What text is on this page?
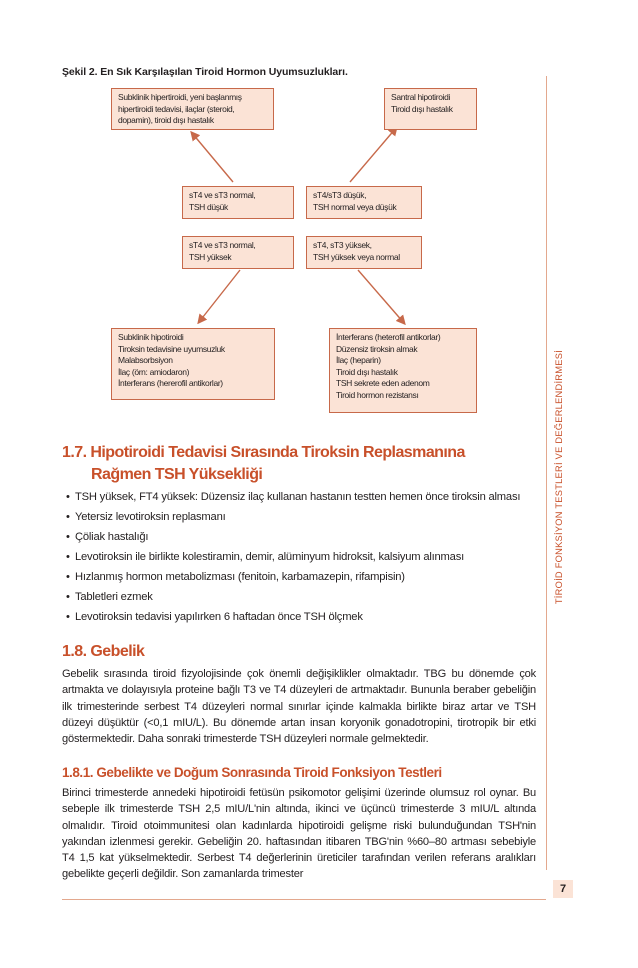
Şekil 2. En Sık Karşılaşılan Tiroid Hormon Uyumsuzlukları.
TİROİD FONKSİYON TESTLERİ VE DEĞERLENDİRMESİ
Subklinik hipertiroidi, yeni başlanmış
hipertiroidi tedavisi, ilaçlar (steroid,
dopamin), tiroid dışı hastalık
Santral hipotiroidi
Tiroid dışı hastalık
sT4 ve sT3 normal,
TSH düşük
sT4/sT3 düşük,
TSH normal veya düşük
sT4 ve sT3 normal,
TSH yüksek
sT4, sT3 yüksek,
TSH yüksek veya normal
Subklinik hipotiroidi
Tiroksin tedavisine uyumsuzluk
Malabsorbsiyon
İlaç (örn: amiodaron)
İnterferans (hererofil antikorlar)
İnterferans (heterofil antikorlar)
Düzensiz tiroksin almak
İlaç (heparin)
Tiroid dışı hastalık
TSH sekrete eden adenom
Tiroid hormon rezistansı
1.7. Hipotiroidi Tedavisi Sırasında Tiroksin Replasmanına
Rağmen TSH Yüksekliği
• TSH yüksek, FT4 yüksek: Düzensiz ilaç kullanan hastanın testten hemen önce tiroksin alması
• Yetersiz levotiroksin replasmanı
• Çöliak hastalığı
• Levotiroksin ile birlikte kolestiramin, demir, alüminyum hidroksit, kalsiyum alınması
• Hızlanmış hormon metabolizması (fenitoin, karbamazepin, rifampisin)
• Tabletleri ezmek
• Levotiroksin tedavisi yapılırken 6 haftadan önce TSH ölçmek
1.8. Gebelik
Gebelik sırasında tiroid fizyolojisinde çok önemli değişiklikler olmaktadır. TBG bu dönemde çok artmakta ve dolayısıyla proteine bağlı T3 ve T4 düzeyleri de artmaktadır. Bununla beraber gebeliğin ilk trimesterinde serbest T4 düzeyleri normal sınırlar içinde kalmakla birlikte biraz artar ve TSH düzeyi düşüktür (<0,1 mIU/L). Bu dönemde artan insan koryonik gonadotropini, tirotropik bir etki göstermektedir. Daha sonraki trimesterde TSH düzeyleri normale gelmektedir.
1.8.1. Gebelikte ve Doğum Sonrasında Tiroid Fonksiyon Testleri
Birinci trimesterde annedeki hipotiroidi fetüsün psikomotor gelişimi üzerinde olumsuz rol oynar. Bu sebeple ilk trimesterde TSH 2,5 mIU/L'nin altında, ikinci ve üçüncü trimesterde 3 mIU/L altında olmalıdır. Tiroid otoimmunitesi olan kadınlarda hipotiroidi gelişme riski bulunduğundan TSH'nin yakından izlenmesi gerekir. Gebeliğin 20. haftasından itibaren TBG'nin %60–80 artması sebebiyle T4 1,5 kat yükselmektedir. Serbest T4 değerlerinin üreticiler tarafından verilen referans aralıkları gebelikte geçerli değildir. Son zamanlarda trimester
7
